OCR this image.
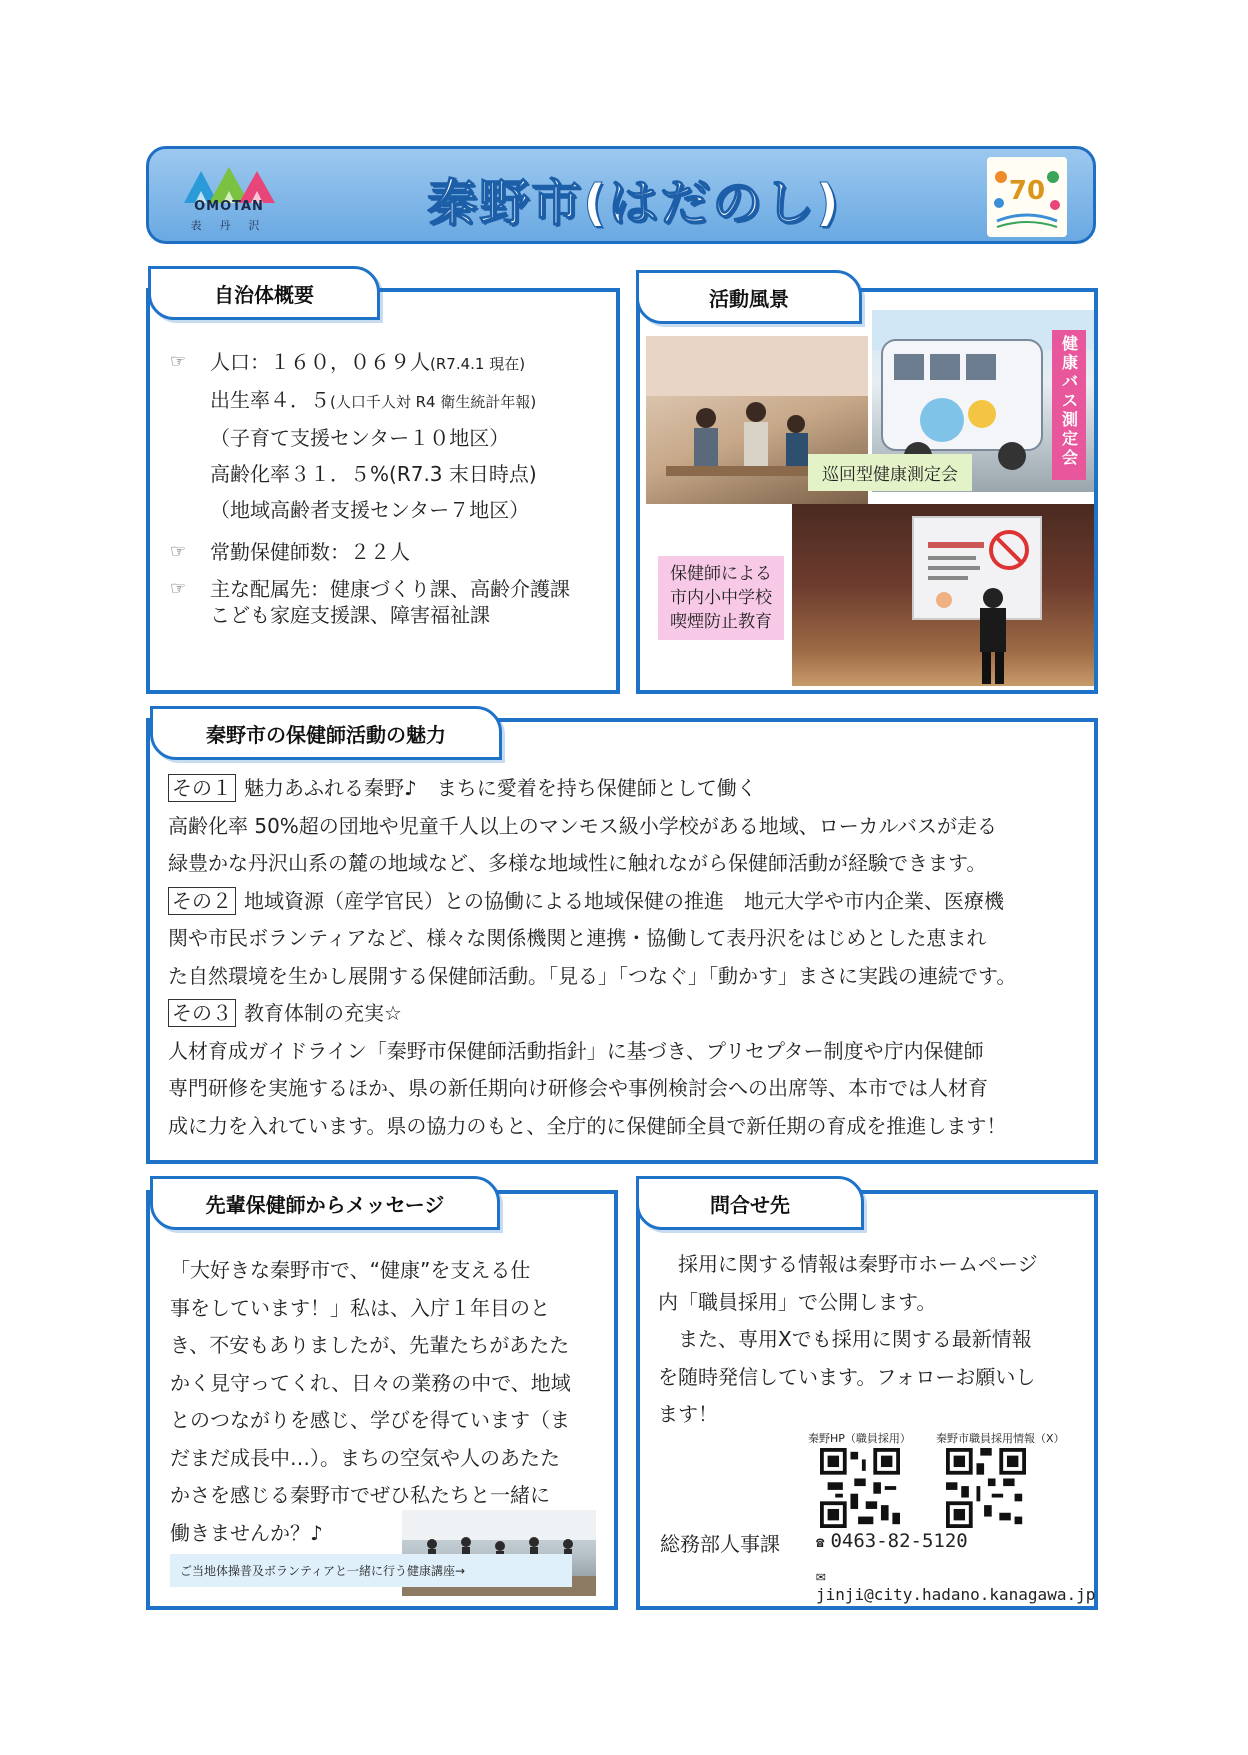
OMOTAN
表丹沢	秦野市(はだのし)	70
☞	人口：１６０，０６９人(R7.4.1 現在)
出生率４．５(人口千人対 R4 衛生統計年報)
（子育て支援センター１０地区）
高齢化率３１．５%(R7.3 末日時点)
（地域高齢者支援センター７地区）
☞	常勤保健師数：２２人
☞	主な配属先：健康づくり課、高齢介護課
こども家庭支援課、障害福祉課
自治体概要
健康バス測定会
巡回型健康測定会
保健師による
市内小中学校
喫煙防止教育
活動風景

その１ 魅力あふれる秦野♪　まちに愛着を持ち保健師として働く

高齢化率 50%超の団地や児童千人以上のマンモス級小学校がある地域、ローカルバスが走る

緑豊かな丹沢山系の麓の地域など、多様な地域性に触れながら保健師活動が経験できます。

その２ 地域資源（産学官民）との協働による地域保健の推進　地元大学や市内企業、医療機

関や市民ボランティアなど、様々な関係機関と連携・協働して表丹沢をはじめとした恵まれ

た自然環境を生かし展開する保健師活動。「見る」「つなぐ」「動かす」まさに実践の連続です。

その３ 教育体制の充実☆

人材育成ガイドライン「秦野市保健師活動指針」に基づき、プリセプター制度や庁内保健師

専門研修を実施するほか、県の新任期向け研修会や事例検討会への出席等、本市では人材育

成に力を入れています。県の協力のもと、全庁的に保健師全員で新任期の育成を推進します！

秦野市の保健師活動の魅力
「大好きな秦野市で、“健康”を支える仕
事をしています！」私は、入庁１年目のと
き、不安もありましたが、先輩たちがあたた
かく見守ってくれ、日々の業務の中で、地域
とのつながりを感じ、学びを得ています（ま
だまだ成長中…）。まちの空気や人のあたた
かさを感じる秦野市でぜひ私たちと一緒に
働きませんか？♪
ご当地体操普及ボランティアと一緒に行う健康講座→
先輩保健師からメッセージ
　採用に関する情報は秦野市ホームページ
内「職員採用」で公開します。
　また、専用Xでも採用に関する最新情報
を随時発信しています。フォローお願いし
ます！
秦野HP（職員採用） 秦野市職員採用情報（X）
総務部人事課	☎ 0463-82-5120
✉jinji@city.hadano.kanagawa.jp
問合せ先
